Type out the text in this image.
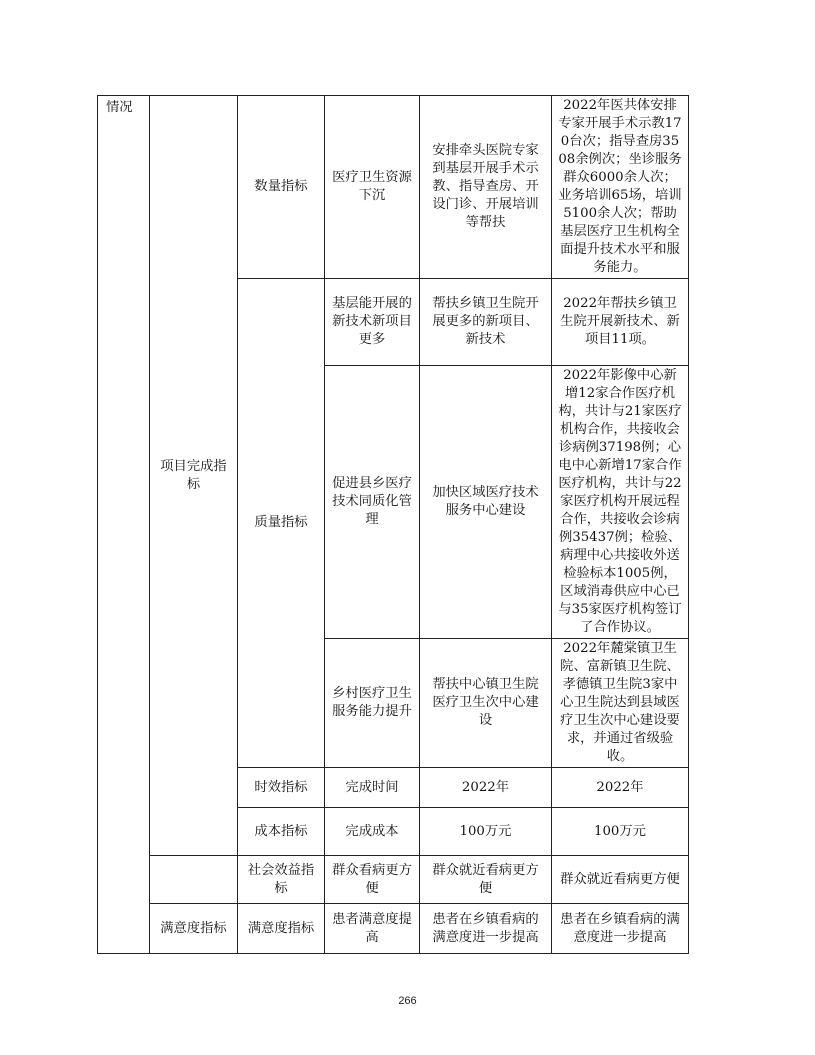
情况	项目完成指标	数量指标	医疗卫生资源下沉	安排牵头医院专家到基层开展手术示教、指导查房、开设门诊、开展培训等帮扶	2022年医共体安排专家开展手术示教170台次；指导查房3508余例次；坐诊服务群众6000余人次；业务培训65场，培训5100余人次；帮助基层医疗卫生机构全面提升技术水平和服务能力。
		质量指标	基层能开展的新技术新项目更多	帮扶乡镇卫生院开展更多的新项目、新技术	2022年帮扶乡镇卫生院开展新技术、新项目11项。
			促进县乡医疗技术同质化管理	加快区域医疗技术服务中心建设	2022年影像中心新增12家合作医疗机构，共计与21家医疗机构合作，共接收会诊病例37198例；心电中心新增17家合作医疗机构，共计与22家医疗机构开展远程合作，共接收会诊病例35437例；检验、病理中心共接收外送检验标本1005例，区域消毒供应中心已与35家医疗机构签订了合作协议。
			乡村医疗卫生服务能力提升	帮扶中心镇卫生院医疗卫生次中心建设	2022年麓棠镇卫生院、富新镇卫生院、孝德镇卫生院3家中心卫生院达到县域医疗卫生次中心建设要求，并通过省级验收。
		时效指标	完成时间	2022年	2022年
		成本指标	完成成本	100万元	100万元
		社会效益指标	群众看病更方便	群众就近看病更方便	群众就近看病更方便
	满意度指标	满意度指标	患者满意度提高	患者在乡镇看病的满意度进一步提高	患者在乡镇看病的满意度进一步提高
266
